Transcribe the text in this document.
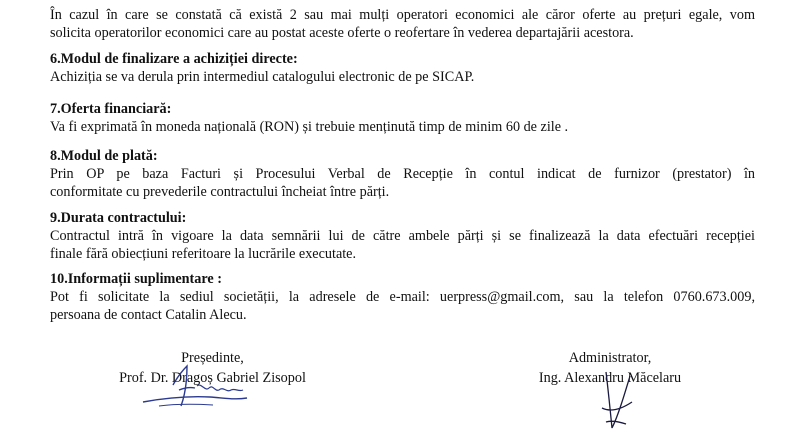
În cazul în care se constată că există 2 sau mai mulți operatori economici ale căror oferte au prețuri egale, vom
solicita operatorilor economici care au postat aceste oferte o reofertare în vederea departajării acestora.

6.Modul de finalizare a achiziției directe:
Achiziția se va derula prin intermediul catalogului electronic de pe SICAP.
7.Oferta financiară:
Va fi exprimată în moneda națională (RON) și trebuie menținută timp de minim 60 de zile .
8.Modul de plată:
Prin OP pe baza Facturi și Procesului Verbal de Recepție în contul indicat de furnizor (prestator) în
conformitate cu prevederile contractului încheiat între părți.
9.Durata contractului:
Contractul intră în vigoare la data semnării lui de către ambele părți și se finalizează la data efectuări recepției
finale fără obiecțiuni referitoare la lucrările executate.
10.Informații suplimentare :
Pot fi solicitate la sediul societății, la adresele de e-mail: uerpress@gmail.com, sau la telefon 0760.673.009,
persoana de contact Catalin Alecu.
Președinte,
Prof. Dr. Dragoș Gabriel Zisopol
Administrator,
Ing. Alexandru Măcelaru
